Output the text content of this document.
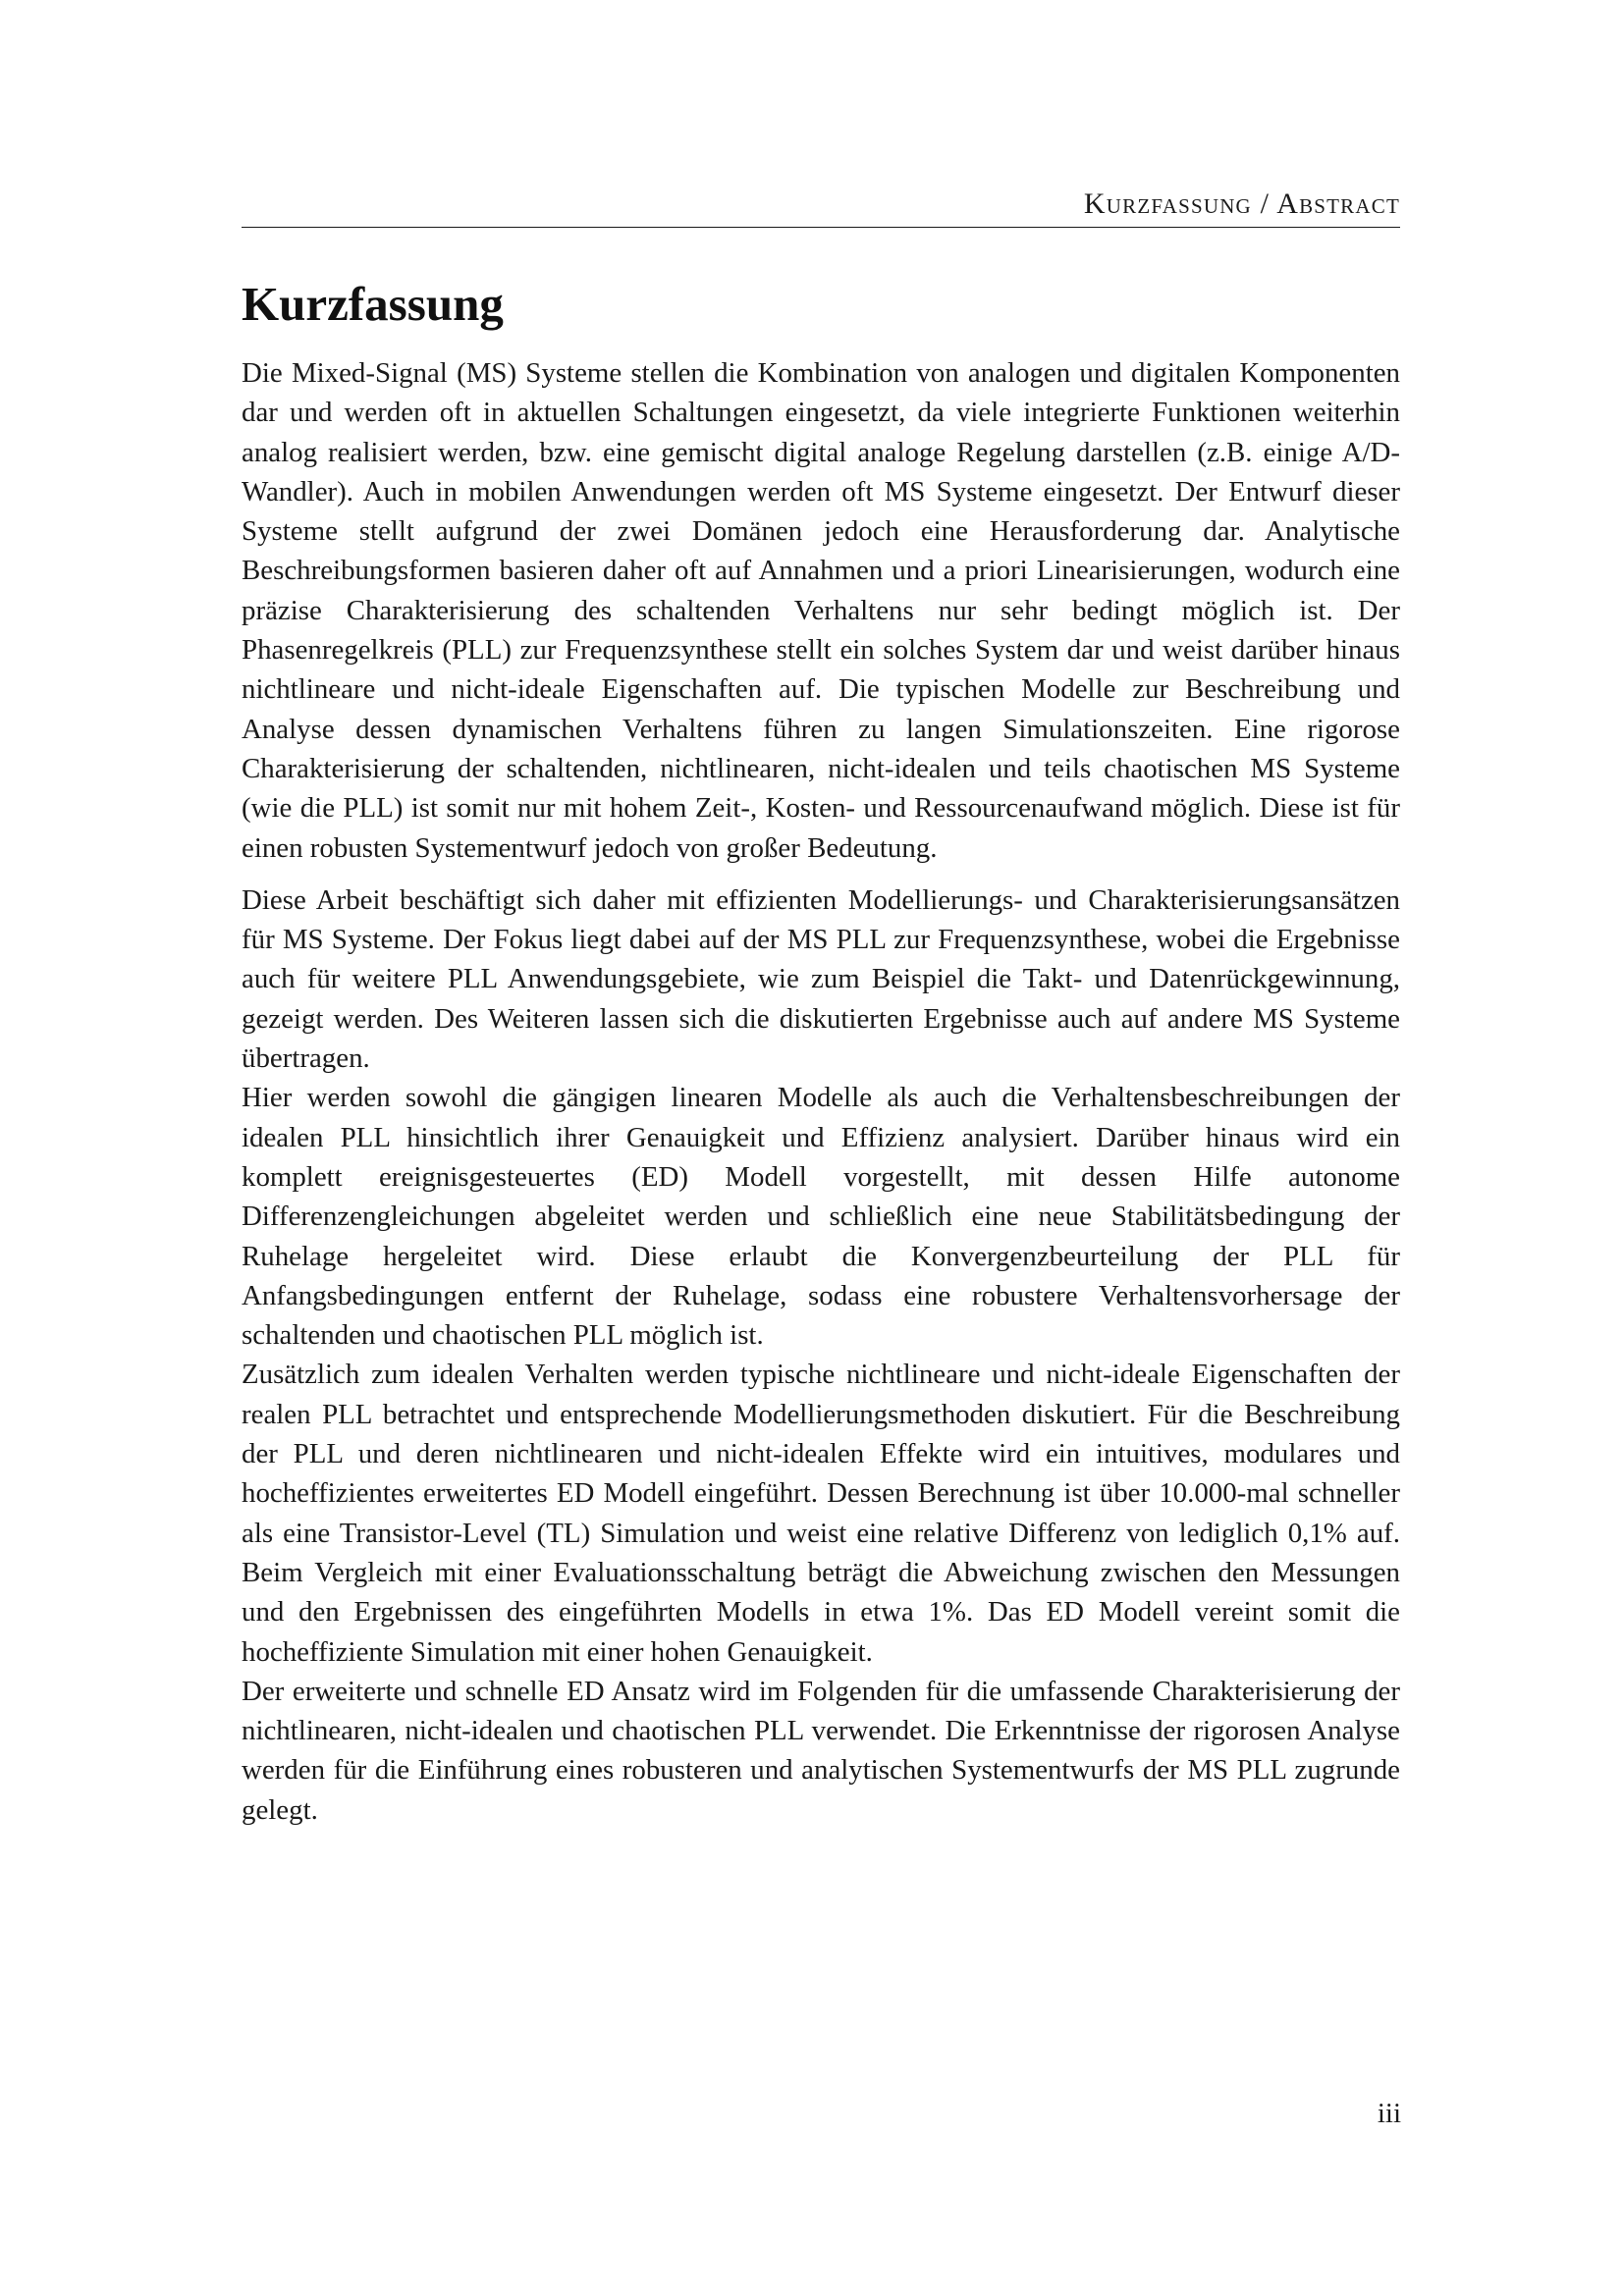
Kurzfassung / Abstract
Kurzfassung

Die Mixed-Signal (MS) Systeme stellen die Kombination von analogen und digitalen Komponenten dar und werden oft in aktuellen Schaltungen eingesetzt, da viele integrierte Funktionen weiterhin analog realisiert werden, bzw. eine gemischt digital analoge Regelung darstellen (z.B. einige A/D-Wandler). Auch in mobilen Anwendungen werden oft MS Systeme eingesetzt. Der Entwurf dieser Systeme stellt aufgrund der zwei Domänen jedoch eine Herausforderung dar. Analytische Beschreibungsformen basieren daher oft auf Annahmen und a priori Linearisierungen, wodurch eine präzise Charakterisierung des schaltenden Verhaltens nur sehr bedingt möglich ist. Der Phasenregelkreis (PLL) zur Frequenzsynthese stellt ein solches System dar und weist darüber hinaus nichtlineare und nicht-ideale Eigenschaften auf. Die typischen Modelle zur Beschreibung und Analyse dessen dynamischen Verhaltens führen zu langen Simulationszeiten. Eine rigorose Charakterisierung der schaltenden, nichtlinearen, nicht-idealen und teils chaotischen MS Systeme (wie die PLL) ist somit nur mit hohem Zeit-, Kosten- und Ressourcenaufwand möglich. Diese ist für einen robusten Systementwurf jedoch von großer Bedeutung.

Diese Arbeit beschäftigt sich daher mit effizienten Modellierungs- und Charakterisierungsansätzen für MS Systeme. Der Fokus liegt dabei auf der MS PLL zur Frequenzsynthese, wobei die Ergebnisse auch für weitere PLL Anwendungsgebiete, wie zum Beispiel die Takt- und Datenrückgewinnung, gezeigt werden. Des Weiteren lassen sich die diskutierten Ergebnisse auch auf andere MS Systeme übertragen.

Hier werden sowohl die gängigen linearen Modelle als auch die Verhaltensbeschreibungen der idealen PLL hinsichtlich ihrer Genauigkeit und Effizienz analysiert. Darüber hinaus wird ein komplett ereignisgesteuertes (ED) Modell vorgestellt, mit dessen Hilfe autonome Differenzengleichungen abgeleitet werden und schließlich eine neue Stabilitätsbedingung der Ruhelage hergeleitet wird. Diese erlaubt die Konvergenzbeurteilung der PLL für Anfangsbedingungen entfernt der Ruhelage, sodass eine robustere Verhaltensvorhersage der schaltenden und chaotischen PLL möglich ist.

Zusätzlich zum idealen Verhalten werden typische nichtlineare und nicht-ideale Eigenschaften der realen PLL betrachtet und entsprechende Modellierungsmethoden diskutiert. Für die Beschreibung der PLL und deren nichtlinearen und nicht-idealen Effekte wird ein intuitives, modulares und hocheffizientes erweitertes ED Modell eingeführt. Dessen Berechnung ist über 10.000-mal schneller als eine Transistor-Level (TL) Simulation und weist eine relative Differenz von lediglich 0,1% auf. Beim Vergleich mit einer Evaluationsschaltung beträgt die Abweichung zwischen den Messungen und den Ergebnissen des eingeführten Modells in etwa 1%. Das ED Modell vereint somit die hocheffiziente Simulation mit einer hohen Genauigkeit.

Der erweiterte und schnelle ED Ansatz wird im Folgenden für die umfassende Charakterisierung der nichtlinearen, nicht-idealen und chaotischen PLL verwendet. Die Erkenntnisse der rigorosen Analyse werden für die Einführung eines robusteren und analytischen Systementwurfs der MS PLL zugrunde gelegt.

iii
